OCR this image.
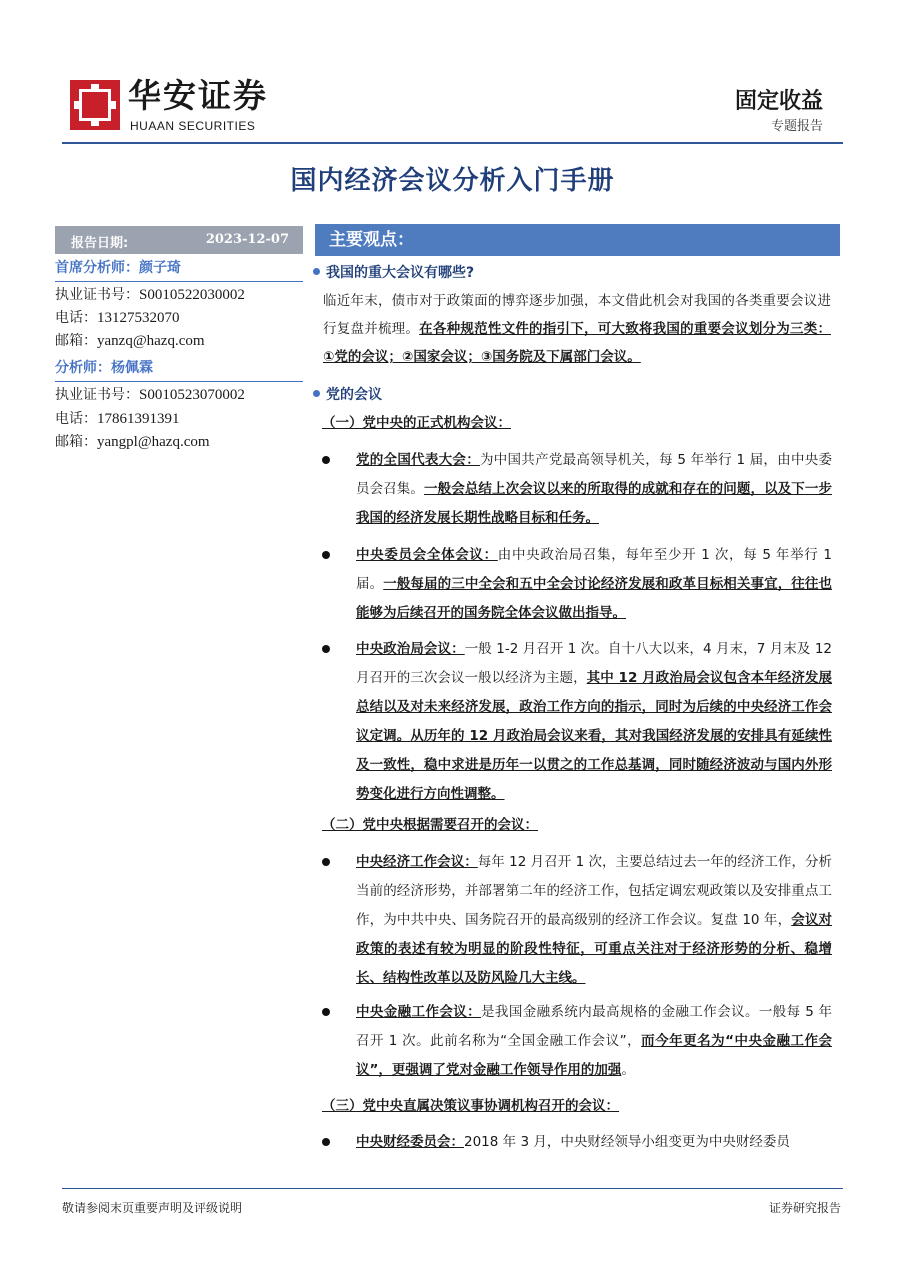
华安证券
HUAAN SECURITIES
固定收益
专题报告
国内经济会议分析入门手册
报告日期:	2023-12-07
首席分析师：颜子琦
执业证书号：S0010522030002
电话：13127532070
邮箱：yanzq@hazq.com
分析师：杨佩霖
执业证书号：S0010523070002
电话：17861391391
邮箱：yangpl@hazq.com
主要观点：
我国的重大会议有哪些?
临近年末，债市对于政策面的博弈逐步加强，本文借此机会对我国的各类重要会议进行复盘并梳理。在各种规范性文件的指引下，可大致将我国的重要会议划分为三类：①党的会议；②国家会议；③国务院及下属部门会议。
党的会议
（一）党中央的正式机构会议：
党的全国代表大会：为中国共产党最高领导机关，每 5 年举行 1 届，由中央委员会召集。一般会总结上次会议以来的所取得的成就和存在的问题，以及下一步我国的经济发展长期性战略目标和任务。
中央委员会全体会议：由中央政治局召集，每年至少开 1 次，每 5 年举行 1 届。一般每届的三中全会和五中全会讨论经济发展和政革目标相关事宜，往往也能够为后续召开的国务院全体会议做出指导。
中央政治局会议：一般 1-2 月召开 1 次。自十八大以来，4 月末，7 月末及 12 月召开的三次会议一般以经济为主题，其中 12 月政治局会议包含本年经济发展总结以及对未来经济发展，政治工作方向的指示，同时为后续的中央经济工作会议定调。从历年的 12 月政治局会议来看，其对我国经济发展的安排具有延续性及一致性，稳中求进是历年一以贯之的工作总基调，同时随经济波动与国内外形势变化进行方向性调整。
（二）党中央根据需要召开的会议：
中央经济工作会议：每年 12 月召开 1 次，主要总结过去一年的经济工作，分析当前的经济形势，并部署第二年的经济工作，包括定调宏观政策以及安排重点工作，为中共中央、国务院召开的最高级别的经济工作会议。复盘 10 年，会议对政策的表述有较为明显的阶段性特征，可重点关注对于经济形势的分析、稳增长、结构性改革以及防风险几大主线。
中央金融工作会议：是我国金融系统内最高规格的金融工作会议。一般每 5 年召开 1 次。此前名称为“全国金融工作会议”，而今年更名为“中央金融工作会议”，更强调了党对金融工作领导作用的加强。
（三）党中央直属决策议事协调机构召开的会议：
中央财经委员会：2018 年 3 月，中央财经领导小组变更为中央财经委员
敬请参阅末页重要声明及评级说明	证券研究报告
